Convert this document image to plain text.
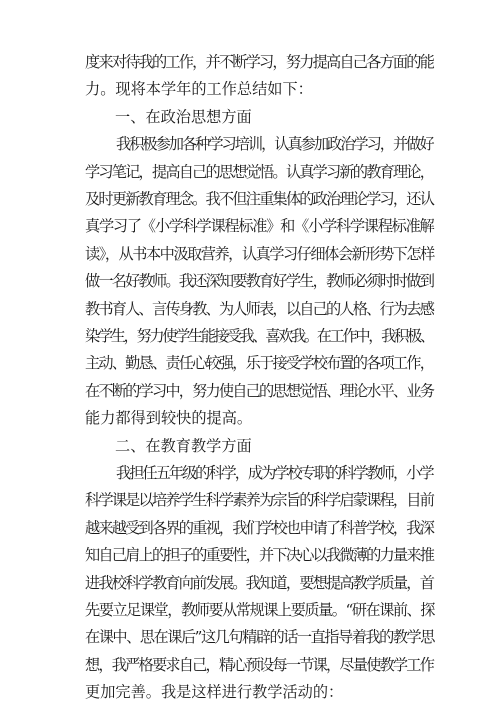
度来对待我的工作，并不断学习，努力提高自己各方面的能
力。现将本学年的工作总结如下：
一、在政治思想方面
我积极参加各种学习培训，认真参加政治学习，并做好
学习笔记，提高自己的思想觉悟。认真学习新的教育理论，
及时更新教育理念。我不但注重集体的政治理论学习，还认
真学习了《小学科学课程标准》和《小学科学课程标准解
读》，从书本中汲取营养，认真学习仔细体会新形势下怎样
做一名好教师。我还深知要教育好学生，教师必须时时做到
教书育人、言传身教、为人师表，以自己的人格、行为去感
染学生，努力使学生能接受我、喜欢我。在工作中，我积极、
主动、勤恳、责任心较强，乐于接受学校布置的各项工作，
在不断的学习中，努力使自己的思想觉悟、理论水平、业务
能力都得到较快的提高。
二、在教育教学方面
我担任五年级的科学，成为学校专职的科学教师，小学
科学课是以培养学生科学素养为宗旨的科学启蒙课程，目前
越来越受到各界的重视，我们学校也申请了科普学校，我深
知自己肩上的担子的重要性，并下决心以我微薄的力量来推
进我校科学教育向前发展。我知道，要想提高教学质量，首
先要立足课堂，教师要从常规课上要质量。“研在课前、探
在课中、思在课后”这几句精辟的话一直指导着我的教学思
想，我严格要求自己，精心预设每一节课，尽量使教学工作
更加完善。我是这样进行教学活动的：
